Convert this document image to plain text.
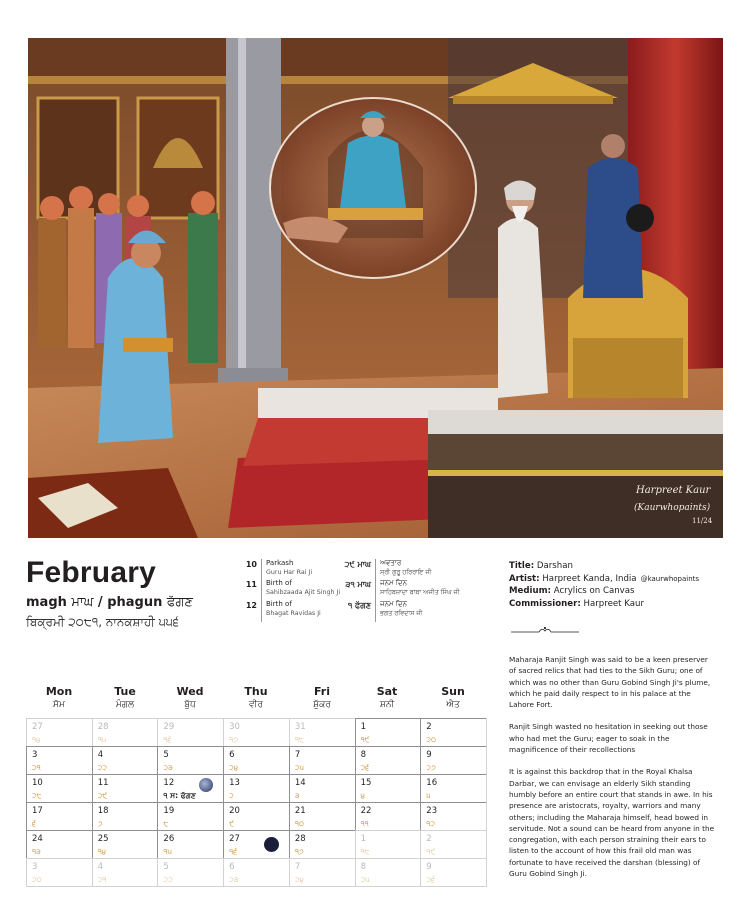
Harpreet Kaur
(Kaurwhopaints)
11/24
February
magh ਮਾਘ / phagun ਫੱਗਣ
ਬਿਕ੍ਰਮੀ ੨੦੮੧, ਨਾਨਕਸ਼ਾਹੀ ੫੫੬
10 Parkash
Guru Har Rai Ji
11 Birth of
Sahibzaada Ajit Singh Ji
12 Birth of
Bhagat Ravidas Ji
੨੯ ਮਾਘ ਅਵਤਾਰ
ਸ੍ਰੀ ਗੁਰੂ ਹਰਿਰਾਇ ਜੀ
੩੧ ਮਾਘ ਜਨਮ ਦਿਨ
ਸਾਹਿਬਜ਼ਾਦਾ ਬਾਬਾ ਅਜੀਤ ਸਿੰਘ ਜੀ
੧ ਫੱਗਣ ਜਨਮ ਦਿਨ
ਭਗਤ ਰਵਿਦਾਸ ਜੀ
Title: Darshan
Artist: Harpreet Kanda, India @kaurwhopaints
Medium: Acrylics on Canvas
Commissioner: Harpreet Kaur

Maharaja Ranjit Singh was said to be a keen preserver of sacred relics that had ties to the Sikh Guru; one of which was no other than Guru Gobind Singh Ji's plume, which he paid daily respect to in his palace at the Lahore Fort.

Ranjit Singh wasted no hesitation in seeking out those who had met the Guru; eager to soak in the magnificence of their recollections

It is against this backdrop that in the Royal Khalsa Darbar, we can envisage an elderly Sikh standing humbly before an entire court that stands in awe. In his presence are aristocrats, royalty, warriors and many others; including the Maharaja himself, head bowed in servitude. Not a sound can be heard from anyone in the congregation, with each person straining their ears to listen to the account of how this frail old man was fortunate to have received the darshan (blessing) of Guru Gobind Singh Ji.

Mon
ਸੋਮ
Tue
ਮੰਗਲ
Wed
ਬੁੱਧ
Thu
ਵੀਰ
Fri
ਸ਼ੁੱਕਰ
Sat
ਸ਼ਨੀ
Sun
ਐਤ
27
੧੪
28
੧੫
29
੧੬
30
੧੭
31
੧੮
1
੧੯
2
੨੦
3
੨੧
4
੨੨
5
੨੩
6
੨੪
7
੨੫
8
੨੬
9
੨੭
10
੨੮
11
੨੯
12
੧ ਸ: ਫੱਗਣ
13
੨
14
੩
15
੪
16
੫
17
੬
18
੭
19
੮
20
੯
21
੧੦
22
੧੧
23
੧੨
24
੧੩
25
੧੪
26
੧੫
27
੧੬
28
੧੭
1
੧੮
2
੧੯
3
੨੦
4
੨੧
5
੨੨
6
੨੩
7
੨੪
8
੨੫
9
੨੬
